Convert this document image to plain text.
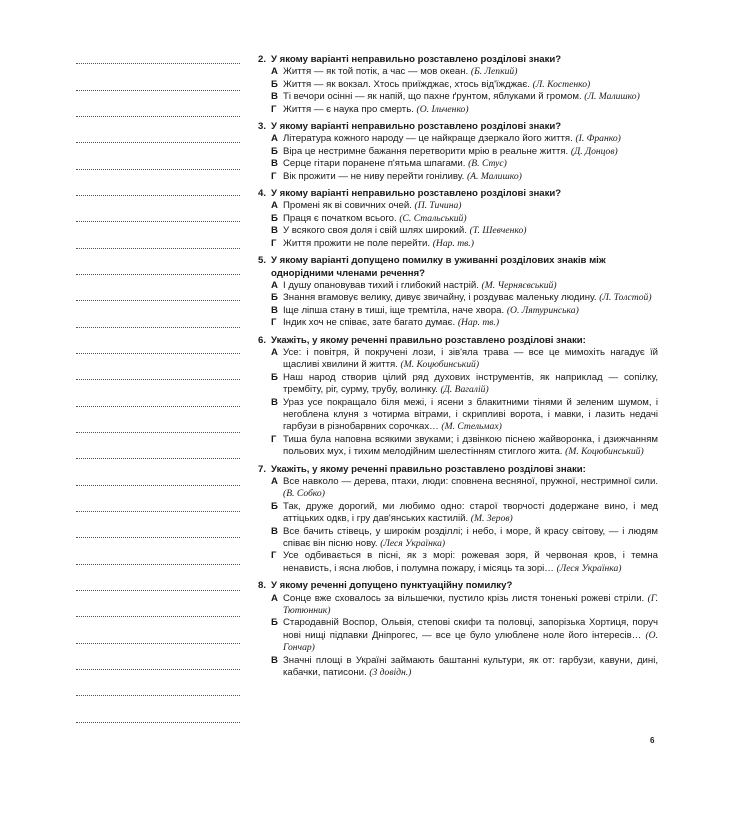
2. У якому варіанті неправильно розставлено розділові знаки?
А Життя — як той потік, а час — мов океан. (Б. Лепкий)
Б Життя — як вокзал. Хтось приїжджає, хтось від'їжджає. (Л. Костенко)
В Ті вечори осінні — як напій, що пахне ґрунтом, яблуками й громом. (Л. Малишко)
Г Життя — є наука про смерть. (О. Ільченко)
3. У якому варіанті неправильно розставлено розділові знаки?
А Література кожного народу — це найкраще дзеркало його життя. (І. Франко)
Б Віра це нестримне бажання перетворити мрію в реальне життя. (Д. Донцов)
В Серце гітари поранене п'ятьма шпагами. (В. Стус)
Г Вік прожити — не ниву перейти гоніливу. (А. Малишко)
4. У якому варіанті неправильно розставлено розділові знаки?
А Промені як ві совичних очей. (П. Тичина)
Б Праця є початком всього. (С. Стальський)
В У всякого своя доля і свій шлях широкий. (Т. Шевченко)
Г Життя прожити не поле перейти. (Нар. тв.)
5. У якому варіанті допущено помилку в уживанні розділових знаків між однорідними членами речення?
А І душу опановував тихий і глибокий настрій. (М. Черняєвський)
Б Знання вгамовує велику, дивує звичайну, і роздуває маленьку людину. (Л. Толстой)
В Іще ліпша стану в тиші, іще тремтіла, наче хвора. (О. Лятуринська)
Г Індик хоч не співає, зате багато думає. (Нар. тв.)
6. Укажіть, у якому реченні правильно розставлено розділові знаки:
А Усе: і повітря, й покручені лози, і зів'яла трава — все це мимохіть нагадує їй щасливі хвилини й життя. (М. Коцюбинський)
Б Наш народ створив цілий ряд духових інструментів, як наприклад — сопілку, трембіту, ріг, сурму, трубу, волинку. (Д. Вагалій)
В Ураз усе покращало біля межі, і ясени з блакитними тінями й зеленим шумом, і негоблена клуня з чотирма вітрами, і скрипливі ворота, і мавки, і лазить недачі гарбузи в різнобарвних сорочках… (М. Стельмах)
Г Тиша була наповна всякими звуками; і дзвінкою піснею жайворонка, і дзижчанням польових мух, і тихим мелодійним шелестінням стиглого жита. (М. Коцюбинський)
7. Укажіть, у якому реченні правильно розставлено розділові знаки:
А Все навколо — дерева, птахи, люди: сповнена весняної, пружної, нестримної сили. (В. Собко)
Б Так, друже дорогий, ми любимо одно: старої творчості додержане вино, і мед аттіцьких одкв, і гру дав'янських кастилій. (М. Зеров)
В Все бачить стівець, у широкім розділлі; і небо, і море, й красу світову, — і людям співає він пісню нову. (Леся Українка)
Г Усе одбивається в пісні, як з морі: рожевая зоря, й червоная кров, і темна ненависть, і ясна любов, і полумна пожару, і місяць та зорі… (Леся Українка)
8. У якому реченні допущено пунктуаційну помилку?
А Сонце вже сховалось за вільшечки, пустило крізь листя тоненькі рожеві стріли. (Г. Тютюнник)
Б Стародавній Воспор, Ольвія, степові скифи та половці, запорізька Хортиця, поруч нові нищі підпавки Дніпрогес, — все це було улюблене ноле його інтересів… (О. Гончар)
В Значні площі в Україні займають баштанні культури, як от: гарбузи, кавуни, дині, кабачки, патисони. (З довідн.)
6
